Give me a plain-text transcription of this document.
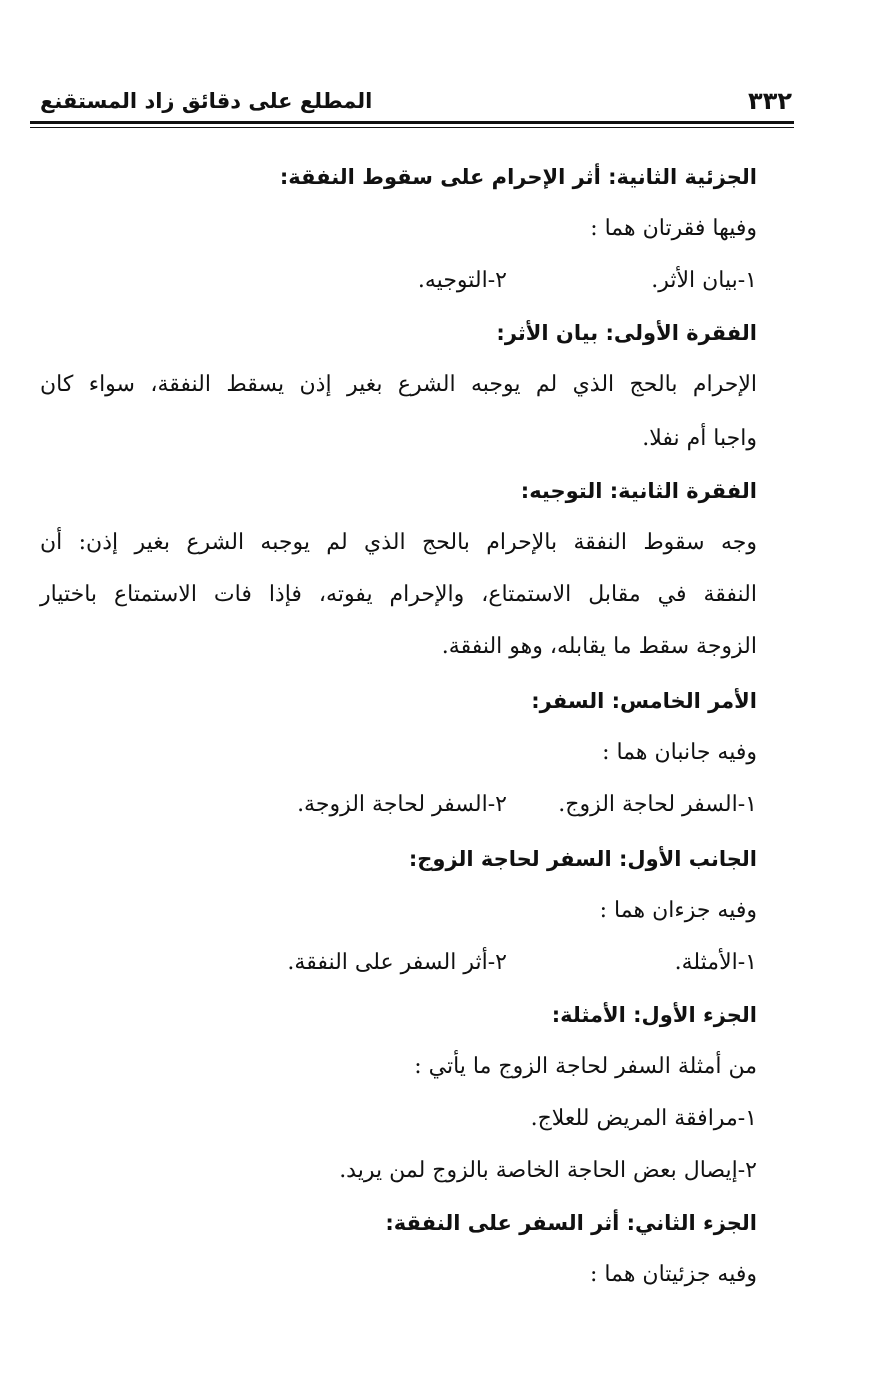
٣٣٢
المطلع على دقائق زاد المستقنع
الجزئية الثانية: أثر الإحرام على سقوط النفقة:
وفيها فقرتان هما :
١-بيان الأثر.
٢-التوجيه.
الفقرة الأولى: بيان الأثر:
الإحرام بالحج الذي لم يوجبه الشرع بغير إذن يسقط النفقة، سواء كان
واجبا أم نفلا.
الفقرة الثانية: التوجيه:
وجه سقوط النفقة بالإحرام بالحج الذي لم يوجبه الشرع بغير إذن: أن
النفقة في مقابل الاستمتاع، والإحرام يفوته، فإذا فات الاستمتاع باختيار
الزوجة سقط ما يقابله، وهو النفقة.
الأمر الخامس: السفر:
وفيه جانبان هما :
١-السفر لحاجة الزوج.
٢-السفر لحاجة الزوجة.
الجانب الأول: السفر لحاجة الزوج:
وفيه جزءان هما :
١-الأمثلة.
٢-أثر السفر على النفقة.
الجزء الأول: الأمثلة:
من أمثلة السفر لحاجة الزوج ما يأتي :
١-مرافقة المريض للعلاج.
٢-إيصال بعض الحاجة الخاصة بالزوج لمن يريد.
الجزء الثاني: أثر السفر على النفقة:
وفيه جزئيتان هما :
